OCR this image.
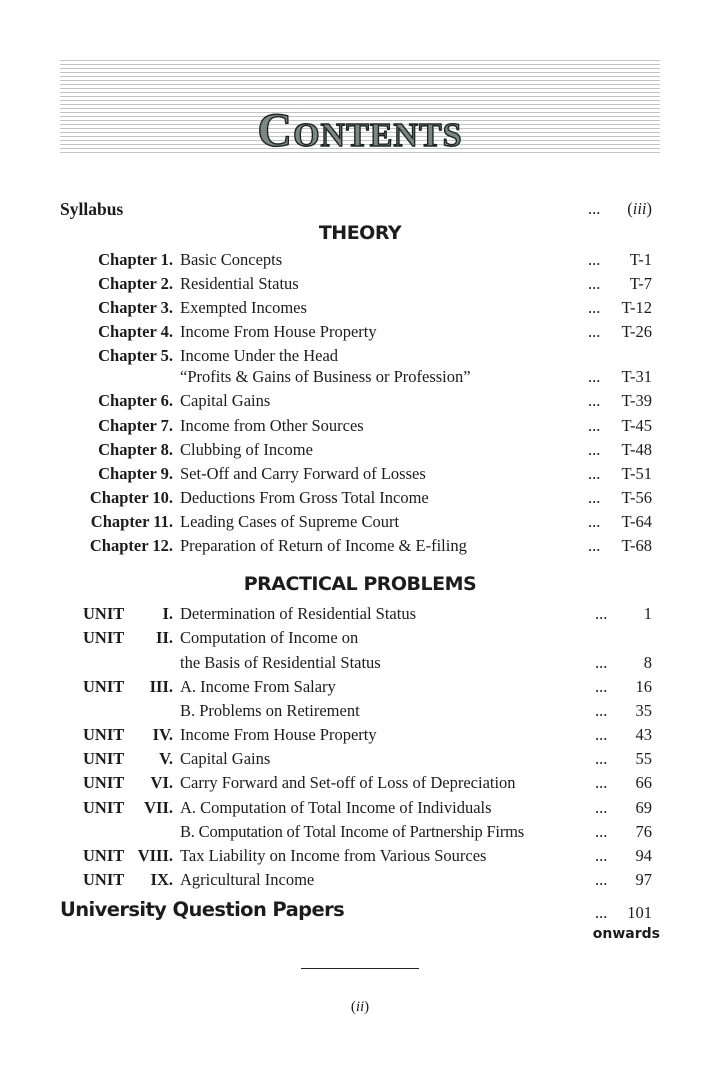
Contents
Syllabus	... (iii)
THEORY
Chapter 1. Basic Concepts	... T-1
Chapter 2. Residential Status	... T-7
Chapter 3. Exempted Incomes	... T-12
Chapter 4. Income From House Property	... T-26
Chapter 5. Income Under the Head
“Profits & Gains of Business or Profession”	... T-31
Chapter 6. Capital Gains	... T-39
Chapter 7. Income from Other Sources	... T-45
Chapter 8. Clubbing of Income	... T-48
Chapter 9. Set-Off and Carry Forward of Losses	... T-51
Chapter 10. Deductions From Gross Total Income	... T-56
Chapter 11. Leading Cases of Supreme Court	... T-64
Chapter 12. Preparation of Return of Income & E-filing	... T-68
PRACTICAL PROBLEMS
UNIT I. Determination of Residential Status	... 1
UNIT II. Computation of Income on
the Basis of Residential Status	... 8
UNIT III. A. Income From Salary	... 16
B. Problems on Retirement	... 35
UNIT IV. Income From House Property	... 43
UNIT V. Capital Gains	... 55
UNIT VI. Carry Forward and Set-off of Loss of Depreciation	... 66
UNIT VII. A. Computation of Total Income of Individuals	... 69
B. Computation of Total Income of Partnership Firms	... 76
UNIT VIII. Tax Liability on Income from Various Sources	... 94
UNIT IX. Agricultural Income	... 97
University Question Papers	... 101
onwards
(ii)
